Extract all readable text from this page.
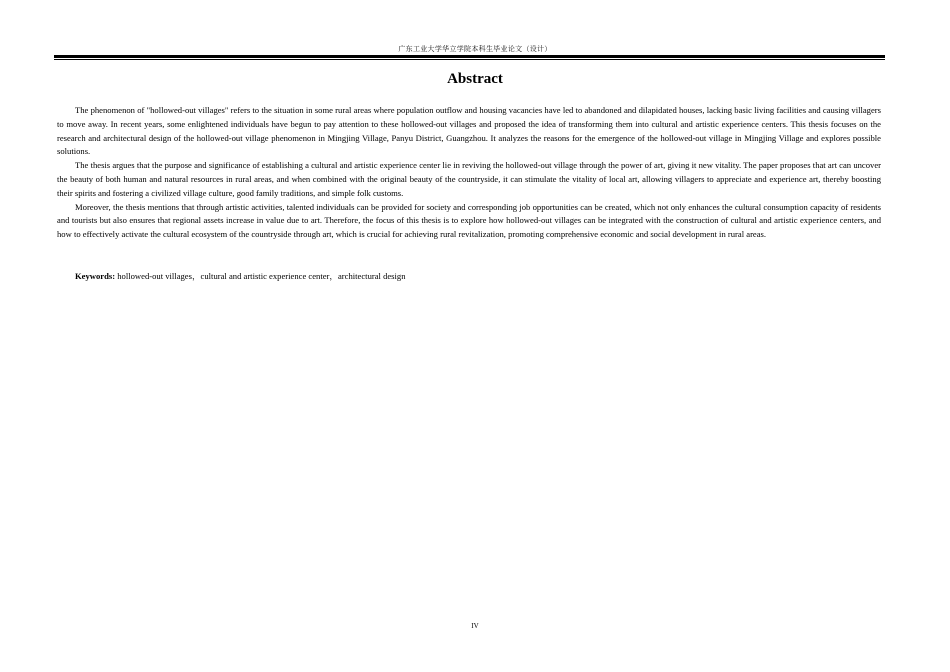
广东工业大学华立学院本科生毕业论文（设计）
Abstract

The phenomenon of "hollowed-out villages" refers to the situation in some rural areas where population outflow and housing vacancies have led to abandoned and dilapidated houses, lacking basic living facilities and causing villagers to move away. In recent years, some enlightened individuals have begun to pay attention to these hollowed-out villages and proposed the idea of transforming them into cultural and artistic experience centers. This thesis focuses on the research and architectural design of the hollowed-out village phenomenon in Mingjing Village, Panyu District, Guangzhou. It analyzes the reasons for the emergence of the hollowed-out village in Mingjing Village and explores possible solutions.

The thesis argues that the purpose and significance of establishing a cultural and artistic experience center lie in reviving the hollowed-out village through the power of art, giving it new vitality. The paper proposes that art can uncover the beauty of both human and natural resources in rural areas, and when combined with the original beauty of the countryside, it can stimulate the vitality of local art, allowing villagers to appreciate and experience art, thereby boosting their spirits and fostering a civilized village culture, good family traditions, and simple folk customs.

Moreover, the thesis mentions that through artistic activities, talented individuals can be provided for society and corresponding job opportunities can be created, which not only enhances the cultural consumption capacity of residents and tourists but also ensures that regional assets increase in value due to art. Therefore, the focus of this thesis is to explore how hollowed-out villages can be integrated with the construction of cultural and artistic experience centers, and how to effectively activate the cultural ecosystem of the countryside through art, which is crucial for achieving rural revitalization, promoting comprehensive economic and social development in rural areas.

Keywords: hollowed-out villages，cultural and artistic experience center，architectural design
IV
